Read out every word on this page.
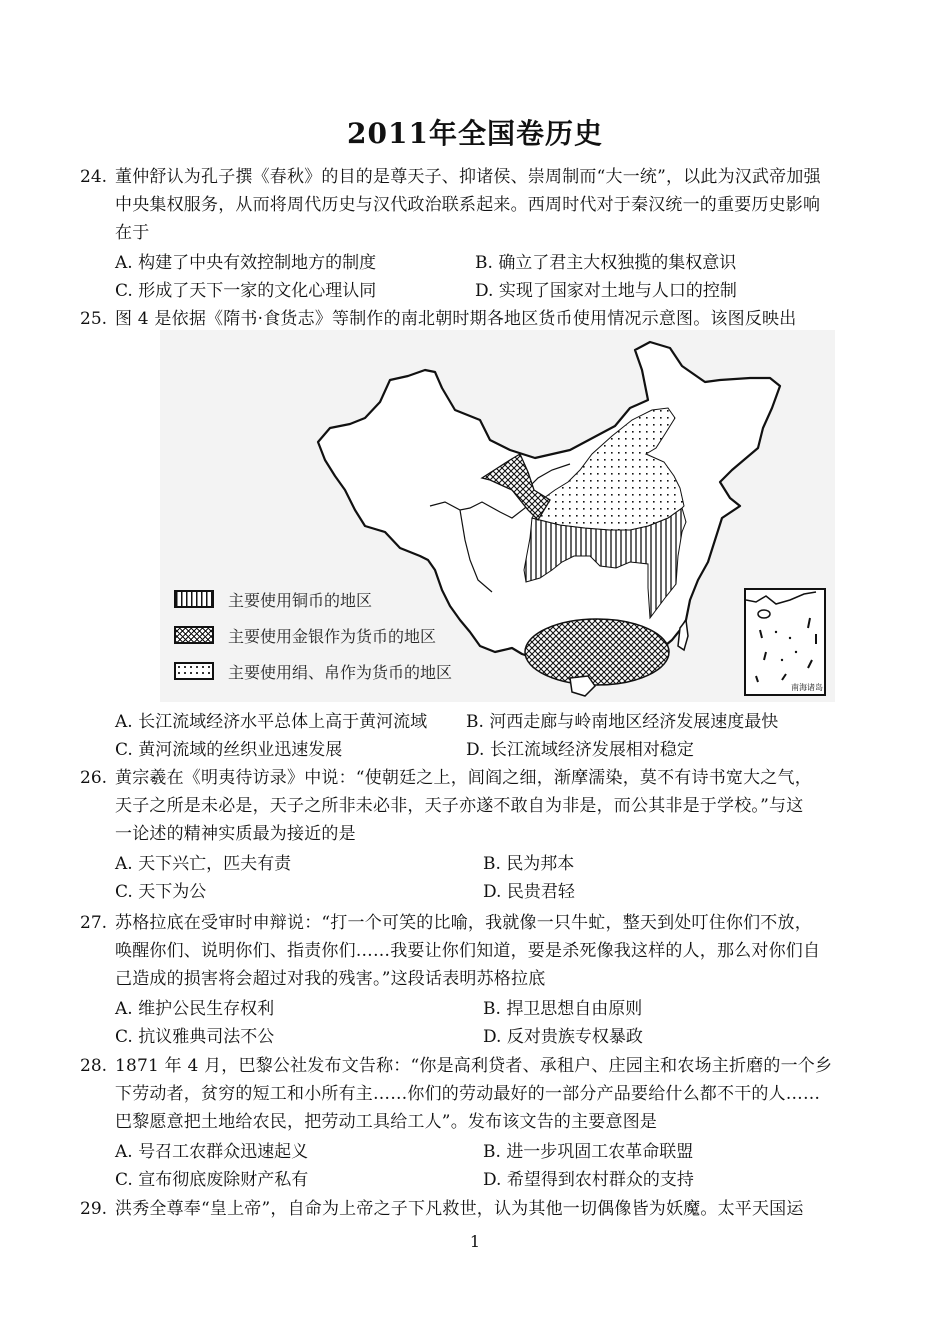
2011年全国卷历史
24. 董仲舒认为孔子撰《春秋》的目的是尊天子、抑诸侯、崇周制而“大一统”，以此为汉武帝加强
中央集权服务，从而将周代历史与汉代政治联系起来。西周时代对于秦汉统一的重要历史影响
在于
A. 构建了中央有效控制地方的制度	B. 确立了君主大权独揽的集权意识
C. 形成了天下一家的文化心理认同	D. 实现了国家对土地与人口的控制
25. 图 4 是依据《隋书·食货志》等制作的南北朝时期各地区货币使用情况示意图。该图反映出
主要使用铜币的地区
主要使用金银作为货币的地区
主要使用绢、帛作为货币的地区
南海诸岛
A. 长江流域经济水平总体上高于黄河流域 B. 河西走廊与岭南地区经济发展速度最快
C. 黄河流域的丝织业迅速发展	D. 长江流域经济发展相对稳定
26. 黄宗羲在《明夷待访录》中说：“使朝廷之上，闾阎之细，渐摩濡染，莫不有诗书宽大之气，
天子之所是未必是，天子之所非未必非，天子亦遂不敢自为非是，而公其非是于学校。”与这
一论述的精神实质最为接近的是
A. 天下兴亡，匹夫有责	B. 民为邦本
C. 天下为公	D. 民贵君轻
27. 苏格拉底在受审时申辩说：“打一个可笑的比喻，我就像一只牛虻，整天到处叮住你们不放，
唤醒你们、说明你们、指责你们……我要让你们知道，要是杀死像我这样的人，那么对你们自
己造成的损害将会超过对我的残害。”这段话表明苏格拉底
A. 维护公民生存权利	B. 捍卫思想自由原则
C. 抗议雅典司法不公	D. 反对贵族专权暴政
28. 1871 年 4 月，巴黎公社发布文告称：“你是高利贷者、承租户、庄园主和农场主折磨的一个乡
下劳动者，贫穷的短工和小所有主……你们的劳动最好的一部分产品要给什么都不干的人……
巴黎愿意把土地给农民，把劳动工具给工人”。发布该文告的主要意图是
A. 号召工农群众迅速起义	B. 进一步巩固工农革命联盟
C. 宣布彻底废除财产私有	D. 希望得到农村群众的支持
29. 洪秀全尊奉“皇上帝”，自命为上帝之子下凡救世，认为其他一切偶像皆为妖魔。太平天国运
1
